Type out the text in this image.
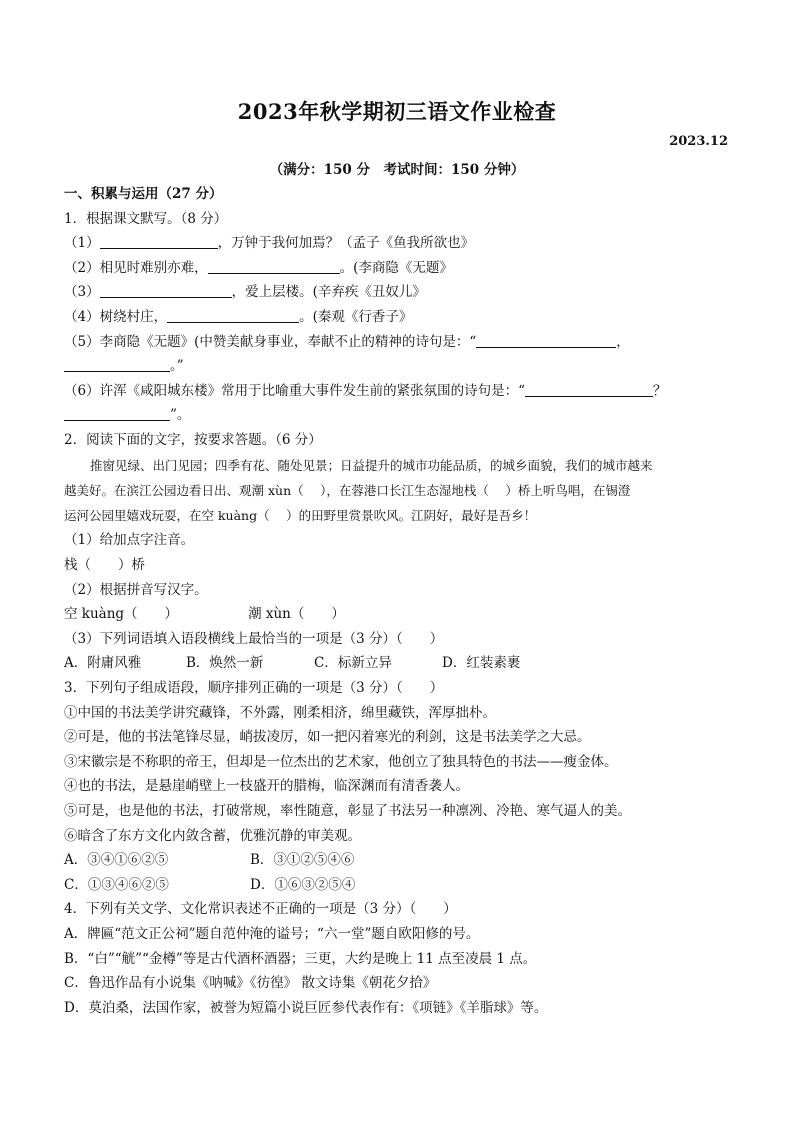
2023年秋学期初三语文作业检查
2023.12
（满分：150 分　考试时间：150 分钟）
一、积累与运用（27 分）
1．根据课文默写。（8 分）
（1）	，万钟于我何加焉？（孟子《鱼我所欲也》
（2）相见时难别亦难，	。(李商隐《无题》
（3）	，爱上层楼。(辛弃疾《丑奴儿》
（4）树绕村庄，	。(秦观《行香子》
（5）李商隐《无题》(中赞美献身事业，奉献不止的精神的诗句是：“	，
。”
（6）许浑《咸阳城东楼》常用于比喻重大事件发生前的紧张氛围的诗句是：“	？
”。
2．阅读下面的文字，按要求答题。（6 分）
推窗见绿、出门见园；四季有花、随处见景；日益提升的城市功能品质，的城乡面貌，我们的城市越来
越美好。在滨江公园边看日出、观潮 xùn（　 ），在蓉港口长江生态湿地栈（　 ）桥上听鸟唱，在锡澄
运河公园里嬉戏玩耍，在空 kuàng（　 ）的田野里赏景吹风。江阴好，最好是吾乡！
（1）给加点字注音。
栈（　　）桥
（2）根据拼音写汉字。
空 kuàng（　　）	潮 xùn（　　）
（3）下列词语填入语段横线上最恰当的一项是（3 分）（　　）
A．附庸风雅	B．焕然一新	C．标新立异	D．红装素裹
3．下列句子组成语段，顺序排列正确的一项是（3 分）（　　）
①中国的书法美学讲究藏锋，不外露，刚柔相济，绵里藏铁，浑厚拙朴。
②可是，他的书法笔锋尽显，峭拔凌厉，如一把闪着寒光的利剑，这是书法美学之大忌。
③宋徽宗是不称职的帝王，但却是一位杰出的艺术家，他创立了独具特色的书法——瘦金体。
④也的书法，是悬崖峭壁上一枝盛开的腊梅，临深渊而有清香袭人。
⑤可是，也是他的书法，打破常规，率性随意，彰显了书法另一种凛冽、冷艳、寒气逼人的美。
⑥暗含了东方文化内敛含蓄，优雅沉静的审美观。
A．③④①⑥②⑤	B．③①②⑤④⑥
C．①③④⑥②⑤	D．①⑥③②⑤④
4．下列有关文学、文化常识表述不正确的一项是（3 分）（　　）
A．牌匾“范文正公祠”题自范仲淹的谥号；“六一堂”题自欧阳修的号。
B．“白”“觥”“金樽”等是古代酒杯酒器；三更，大约是晚上 11 点至凌晨 1 点。
C．鲁迅作品有小说集《呐喊》《彷徨》 散文诗集《朝花夕拾》
D．莫泊桑，法国作家，被誉为短篇小说巨匠参代表作有：《项链》《羊脂球》等。
